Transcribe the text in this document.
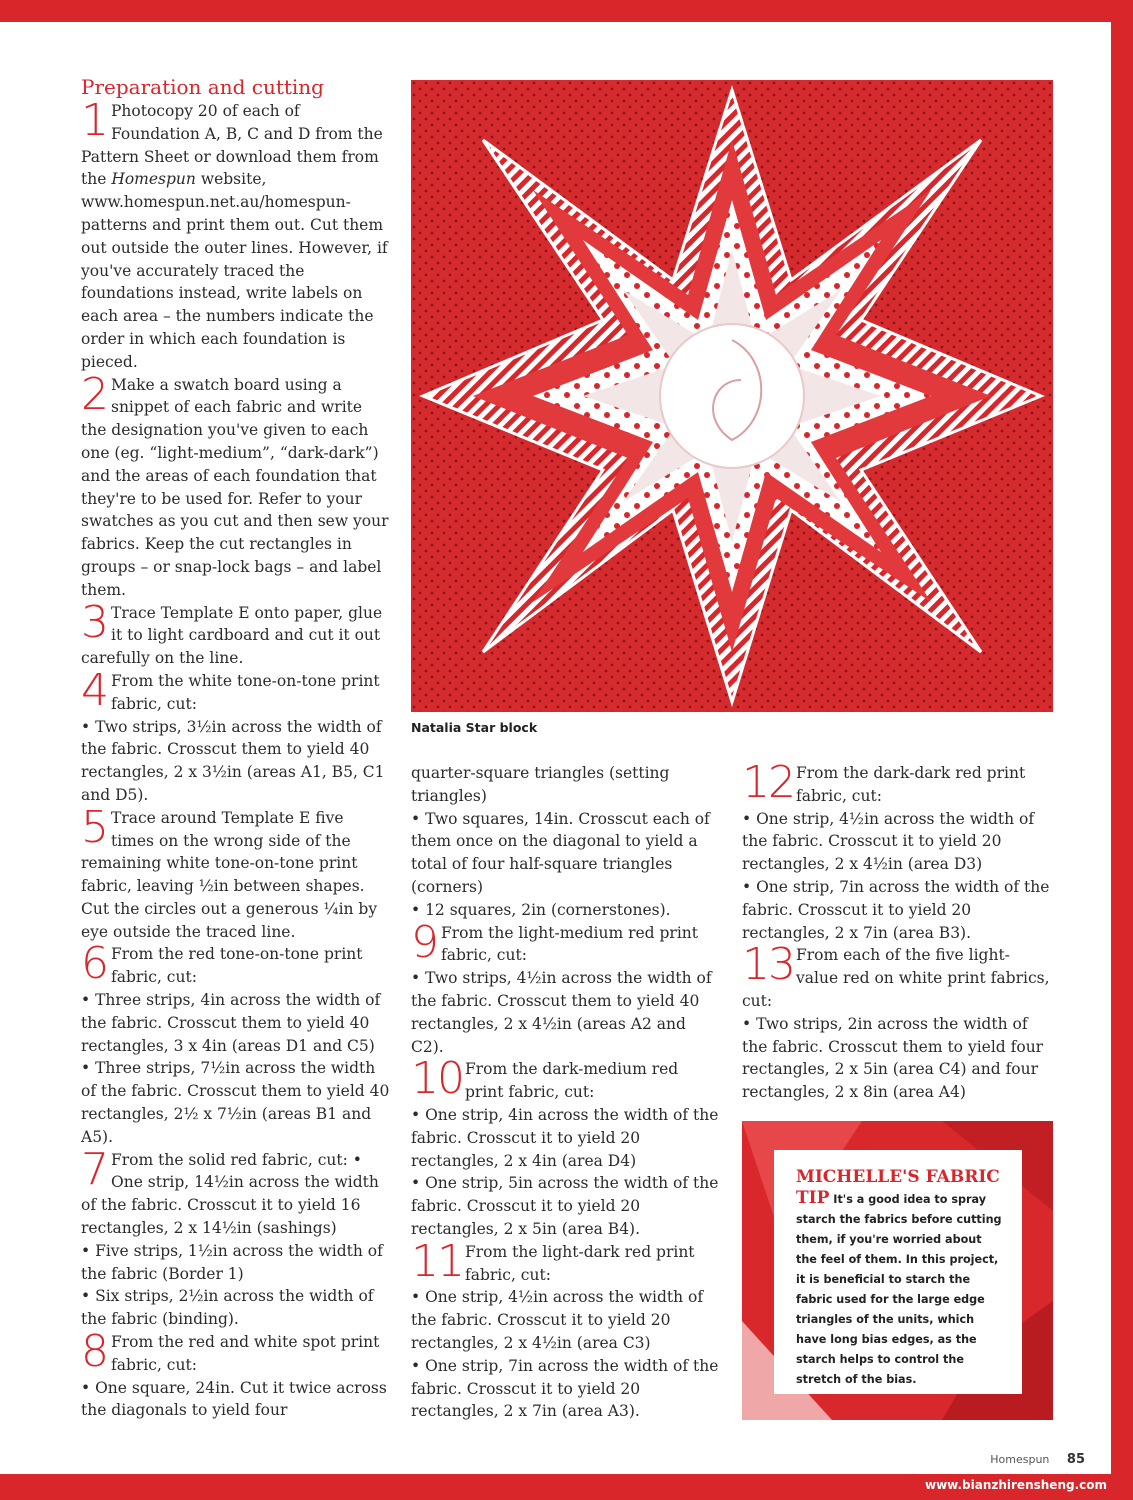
Preparation and cutting
1 Photocopy 20 of each of Foundation A, B, C and D from the Pattern Sheet or download them from the Homespun website, www.homespun.net.au/homespun-patterns and print them out. Cut them out outside the outer lines. However, if you've accurately traced the foundations instead, write labels on each area – the numbers indicate the order in which each foundation is pieced.

2 Make a swatch board using a snippet of each fabric and write the designation you've given to each one (eg. “light-medium”, “dark-dark”) and the areas of each foundation that they're to be used for. Refer to your swatches as you cut and then sew your fabrics. Keep the cut rectangles in groups – or snap-lock bags – and label them.

3 Trace Template E onto paper, glue it to light cardboard and cut it out carefully on the line.

4 From the white tone-on-tone print fabric, cut:

• Two strips, 3½in across the width of the fabric. Crosscut them to yield 40 rectangles, 2 x 3½in (areas A1, B5, C1 and D5).

5 Trace around Template E five times on the wrong side of the remaining white tone-on-tone print fabric, leaving ½in between shapes. Cut the circles out a generous ¼in by eye outside the traced line.

6 From the red tone-on-tone print fabric, cut:

• Three strips, 4in across the width of the fabric. Crosscut them to yield 40 rectangles, 3 x 4in (areas D1 and C5)

• Three strips, 7½in across the width of the fabric. Crosscut them to yield 40 rectangles, 2½ x 7½in (areas B1 and A5).

7 From the solid red fabric, cut: • One strip, 14½in across the width of the fabric. Crosscut it to yield 16 rectangles, 2 x 14½in (sashings)

• Five strips, 1½in across the width of the fabric (Border 1)

• Six strips, 2½in across the width of the fabric (binding).

8 From the red and white spot print fabric, cut:

• One square, 24in. Cut it twice across the diagonals to yield four

Natalia Star block

quarter-square triangles (setting triangles)

• Two squares, 14in. Crosscut each of them once on the diagonal to yield a total of four half-square triangles (corners)

• 12 squares, 2in (cornerstones).

9 From the light-medium red print fabric, cut:

• Two strips, 4½in across the width of the fabric. Crosscut them to yield 40 rectangles, 2 x 4½in (areas A2 and C2).

10 From the dark-medium red print fabric, cut:

• One strip, 4in across the width of the fabric. Crosscut it to yield 20 rectangles, 2 x 4in (area D4)

• One strip, 5in across the width of the fabric. Crosscut it to yield 20 rectangles, 2 x 5in (area B4).

11 From the light-dark red print fabric, cut:

• One strip, 4½in across the width of the fabric. Crosscut it to yield 20 rectangles, 2 x 4½in (area C3)

• One strip, 7in across the width of the fabric. Crosscut it to yield 20 rectangles, 2 x 7in (area A3).

12 From the dark-dark red print fabric, cut:

• One strip, 4½in across the width of the fabric. Crosscut it to yield 20 rectangles, 2 x 4½in (area D3)

• One strip, 7in across the width of the fabric. Crosscut it to yield 20 rectangles, 2 x 7in (area B3).

13 From each of the five light-value red on white print fabrics, cut:

• Two strips, 2in across the width of the fabric. Crosscut them to yield four rectangles, 2 x 5in (area C4) and four rectangles, 2 x 8in (area A4)

MICHELLE'S FABRIC TIP It's a good idea to spray starch the fabrics before cutting them, if you're worried about the feel of them. In this project, it is beneficial to starch the fabric used for the large edge triangles of the units, which have long bias edges, as the starch helps to control the stretch of the bias.
Homespun 85
www.bianzhirensheng.com
